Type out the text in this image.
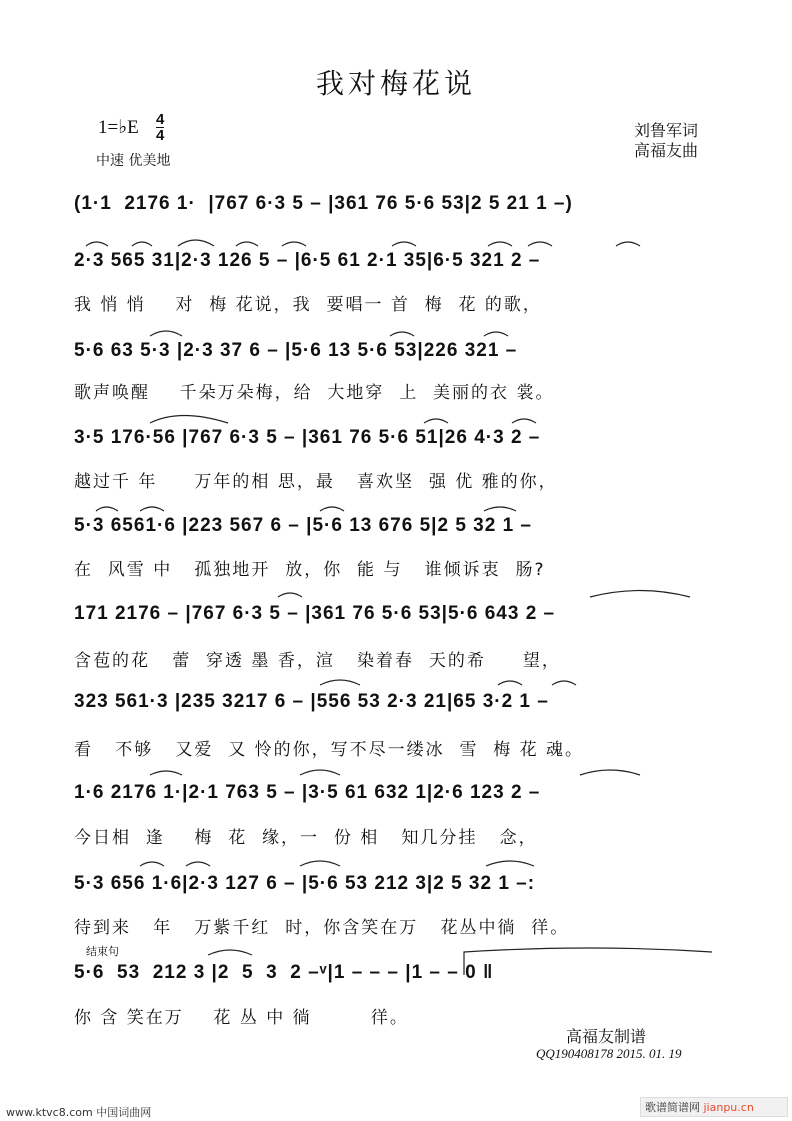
我对梅花说
1=♭E 4
4
中速 优美地
刘鲁军词
高福友曲
(1·1  2176 1·  |767 6·3 5 – |361 76 5·6 53|2 5 21 1 –)
2·3 565 31|2·3 126 5 – |6·5 61 2·1 35|6·5 321 2 –
我 悄 悄    对  梅 花说，我  要唱一 首  梅  花 的歌，
5·6 63 5·3 |2·3 37 6 – |5·6 13 5·6 53|226 321 –
歌声唤醒    千朵万朵梅，给  大地穿  上  美丽的衣 裳。
3·5 176·56 |767 6·3 5 – |361 76 5·6 51|26 4·3 2 –
越过千 年     万年的相 思，最   喜欢坚  强 优 雅的你，
5·3 6561·6 |223 567 6 – |5·6 13 676 5|2 5 32 1 –
在  风雪 中   孤独地开  放，你  能 与   谁倾诉衷  肠?
171 2176 – |767 6·3 5 – |361 76 5·6 53|5·6 643 2 –
含苞的花   蕾  穿透 墨 香，渲   染着春  天的希     望，
323 561·3 |235 3217 6 – |556 53 2·3 21|65 3·2 1 –
看   不够   又爱  又 怜的你，写不尽一缕冰  雪  梅 花 魂。
1·6 2176 1·|2·1 763 5 – |3·5 61 632 1|2·6 123 2 –
今日相  逢    梅  花  缘，一  份 相   知几分挂   念，
5·3 656 1·6|2·3 127 6 – |5·6 53 212 3|2 5 32 1 –:
待到来   年   万紫千红  时，你含笑在万   花丛中徜  徉。
结束句
5·6  53  212 3 |2  5  3  2 –ᵛ|1 – – – |1 – – 0 ‖
你 含 笑在万    花 丛 中 徜        徉。
高福友制谱
QQ190408178 2015. 01. 19
www.ktvc8.com 中国词曲网	歌谱简谱网 jianpu.cn
